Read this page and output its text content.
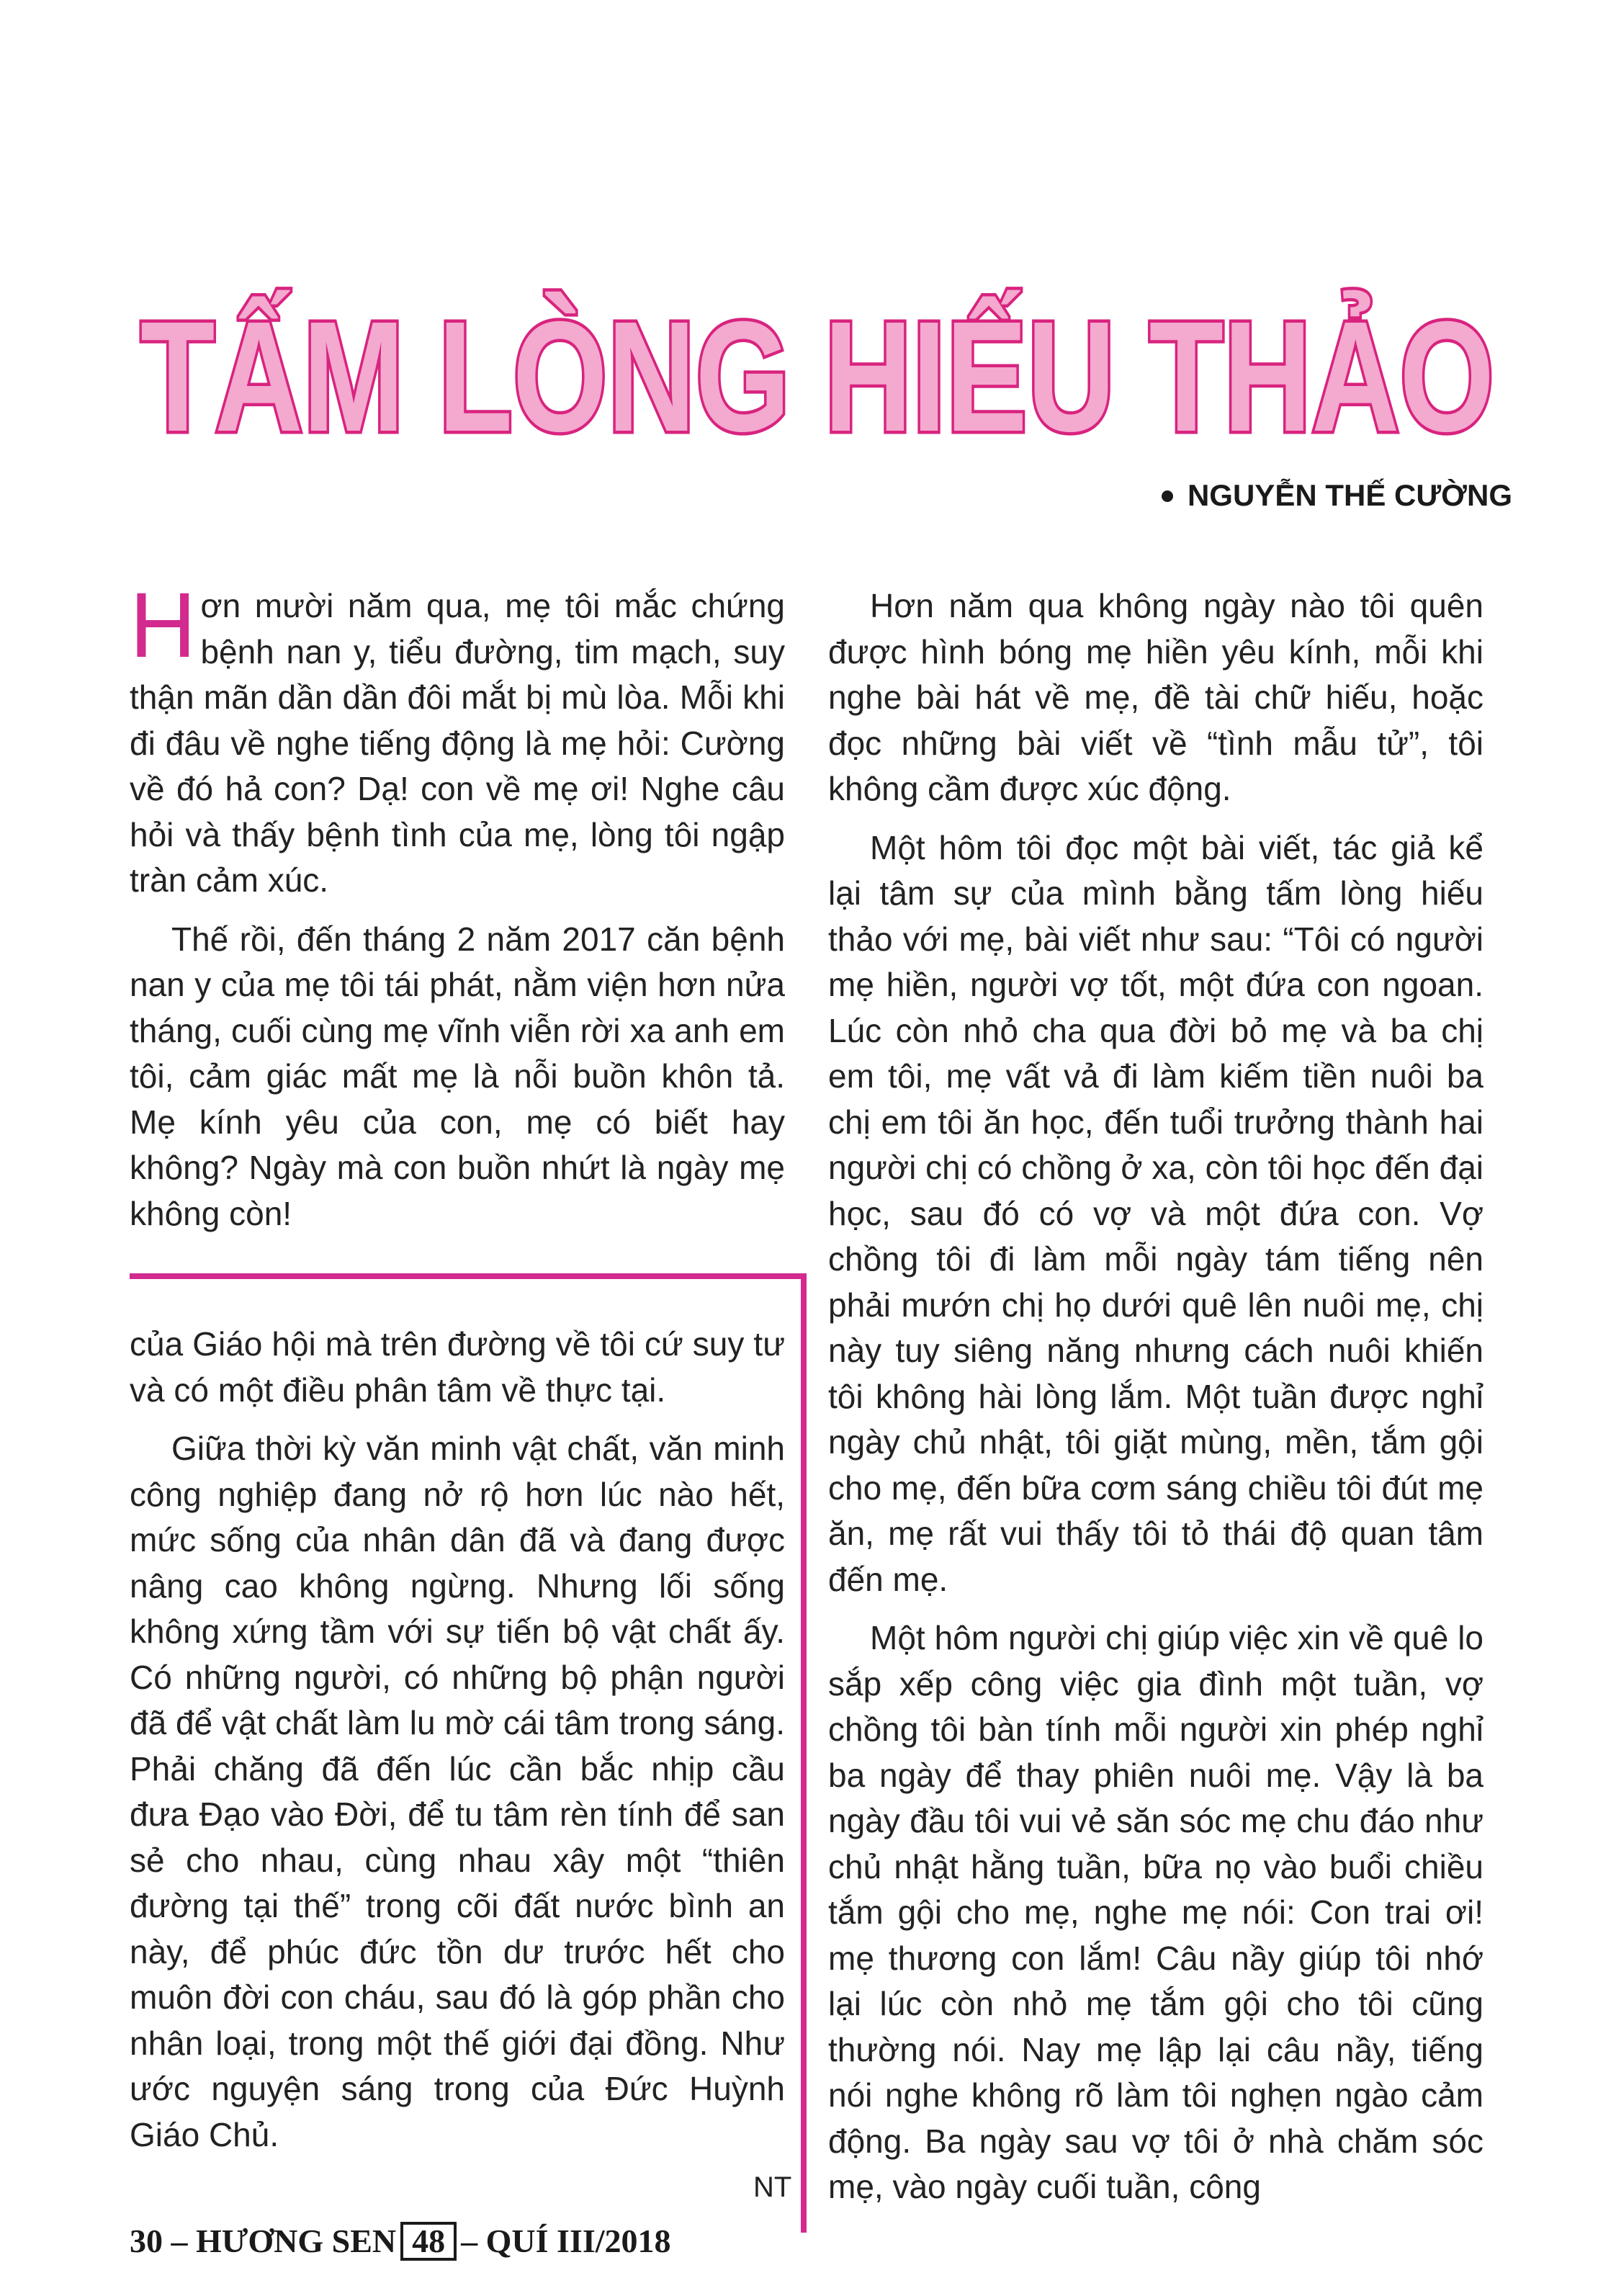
TẤM LÒNG HIẾU THẢO
NGUYỄN THẾ CƯỜNG

Hơn mười năm qua, mẹ tôi mắc chứng bệnh nan y, tiểu đường, tim mạch, suy thận mãn dần dần đôi mắt bị mù lòa. Mỗi khi đi đâu về nghe tiếng động là mẹ hỏi: Cường về đó hả con? Dạ! con về mẹ ơi! Nghe câu hỏi và thấy bệnh tình của mẹ, lòng tôi ngập tràn cảm xúc.

Thế rồi, đến tháng 2 năm 2017 căn bệnh nan y của mẹ tôi tái phát, nằm viện hơn nửa tháng, cuối cùng mẹ vĩnh viễn rời xa anh em tôi, cảm giác mất mẹ là nỗi buồn khôn tả. Mẹ kính yêu của con, mẹ có biết hay không? Ngày mà con buồn nhứt là ngày mẹ không còn!

của Giáo hội mà trên đường về tôi cứ suy tư và có một điều phân tâm về thực tại.

Giữa thời kỳ văn minh vật chất, văn minh công nghiệp đang nở rộ hơn lúc nào hết, mức sống của nhân dân đã và đang được nâng cao không ngừng. Nhưng lối sống không xứng tầm với sự tiến bộ vật chất ấy. Có những người, có những bộ phận người đã để vật chất làm lu mờ cái tâm trong sáng. Phải chăng đã đến lúc cần bắc nhịp cầu đưa Đạo vào Đời, để tu tâm rèn tính để san sẻ cho nhau, cùng nhau xây một “thiên đường tại thế” trong cõi đất nước bình an này, để phúc đức tồn dư trước hết cho muôn đời con cháu, sau đó là góp phần cho nhân loại, trong một thế giới đại đồng. Như ước nguyện sáng trong của Đức Huỳnh Giáo Chủ.

NT

Hơn năm qua không ngày nào tôi quên được hình bóng mẹ hiền yêu kính, mỗi khi nghe bài hát về mẹ, đề tài chữ hiếu, hoặc đọc những bài viết về “tình mẫu tử”, tôi không cầm được xúc động.

Một hôm tôi đọc một bài viết, tác giả kể lại tâm sự của mình bằng tấm lòng hiếu thảo với mẹ, bài viết như sau: “Tôi có người mẹ hiền, người vợ tốt, một đứa con ngoan. Lúc còn nhỏ cha qua đời bỏ mẹ và ba chị em tôi, mẹ vất vả đi làm kiếm tiền nuôi ba chị em tôi ăn học, đến tuổi trưởng thành hai người chị có chồng ở xa, còn tôi học đến đại học, sau đó có vợ và một đứa con. Vợ chồng tôi đi làm mỗi ngày tám tiếng nên phải mướn chị họ dưới quê lên nuôi mẹ, chị này tuy siêng năng nhưng cách nuôi khiến tôi không hài lòng lắm. Một tuần được nghỉ ngày chủ nhật, tôi giặt mùng, mền, tắm gội cho mẹ, đến bữa cơm sáng chiều tôi đút mẹ ăn, mẹ rất vui thấy tôi tỏ thái độ quan tâm đến mẹ.

Một hôm người chị giúp việc xin về quê lo sắp xếp công việc gia đình một tuần, vợ chồng tôi bàn tính mỗi người xin phép nghỉ ba ngày để thay phiên nuôi mẹ. Vậy là ba ngày đầu tôi vui vẻ săn sóc mẹ chu đáo như chủ nhật hằng tuần, bữa nọ vào buổi chiều tắm gội cho mẹ, nghe mẹ nói: Con trai ơi! mẹ thương con lắm! Câu nầy giúp tôi nhớ lại lúc còn nhỏ mẹ tắm gội cho tôi cũng thường nói. Nay mẹ lập lại câu nầy, tiếng nói nghe không rõ làm tôi nghẹn ngào cảm động. Ba ngày sau vợ tôi ở nhà chăm sóc mẹ, vào ngày cuối tuần, công

30 – HƯƠNG SEN 48 – QUÍ III/2018
